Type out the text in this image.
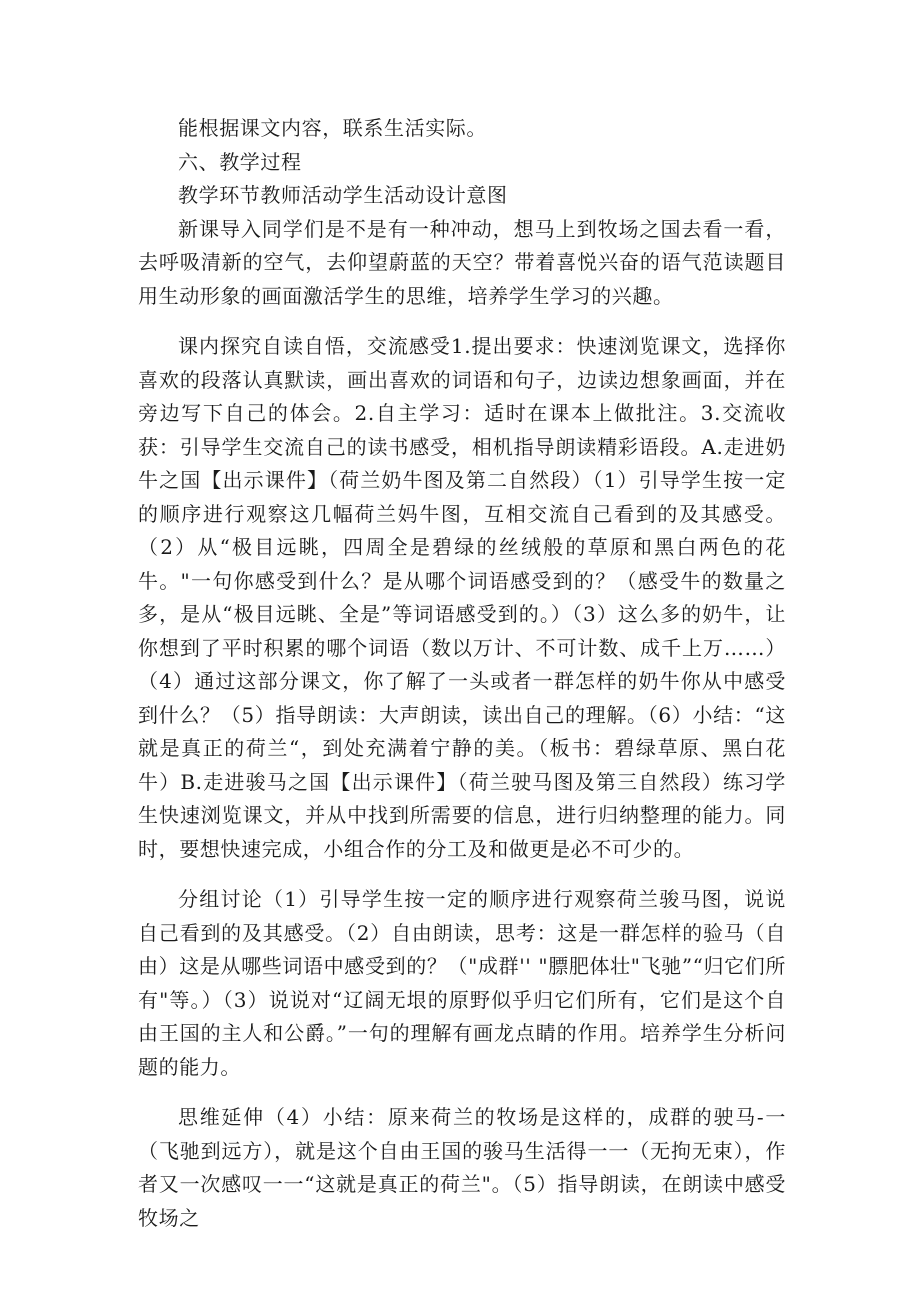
能根据课文内容，联系生活实际。

六、教学过程

教学环节教师活动学生活动设计意图

新课导入同学们是不是有一种冲动，想马上到牧场之国去看一看，去呼吸清新的空气，去仰望蔚蓝的天空？带着喜悦兴奋的语气范读题目用生动形象的画面激活学生的思维，培养学生学习的兴趣。

课内探究自读自悟，交流感受1.提出要求：快速浏览课文，选择你喜欢的段落认真默读，画出喜欢的词语和句子，边读边想象画面，并在旁边写下自己的体会。2.自主学习：适时在课本上做批注。3.交流收获：引导学生交流自己的读书感受，相机指导朗读精彩语段。A.走进奶牛之国【出示课件】（荷兰奶牛图及第二自然段）（1）引导学生按一定的顺序进行观察这几幅荷兰妈牛图，互相交流自己看到的及其感受。（2）从“极目远眺，四周全是碧绿的丝绒般的草原和黑白两色的花牛。"一句你感受到什么？是从哪个词语感受到的？（感受牛的数量之多，是从“极目远眺、全是”等词语感受到的。）（3）这么多的奶牛，让你想到了平时积累的哪个词语（数以万计、不可计数、成千上万……）（4）通过这部分课文，你了解了一头或者一群怎样的奶牛你从中感受到什么？（5）指导朗读：大声朗读，读出自己的理解。（6）小结：“这就是真正的荷兰“，到处充满着宁静的美。（板书：碧绿草原、黑白花牛）B.走进骏马之国【出示课件】（荷兰驶马图及第三自然段）练习学生快速浏览课文，并从中找到所需要的信息，进行归纳整理的能力。同时，要想快速完成，小组合作的分工及和做更是必不可少的。

分组讨论（1）引导学生按一定的顺序进行观察荷兰骏马图，说说自己看到的及其感受。（2）自由朗读，思考：这是一群怎样的验马（自由）这是从哪些词语中感受到的？（"成群'' "膘肥体壮"飞驰”“归它们所有"等。）（3）说说对“辽阔无垠的原野似乎归它们所有，它们是这个自由王国的主人和公爵。”一句的理解有画龙点睛的作用。培养学生分析问题的能力。

思维延伸（4）小结：原来荷兰的牧场是这样的，成群的驶马-一（飞驰到远方），就是这个自由王国的骏马生活得一一（无拘无束），作者又一次感叹一一“这就是真正的荷兰"。（5）指导朗读，在朗读中感受牧场之
